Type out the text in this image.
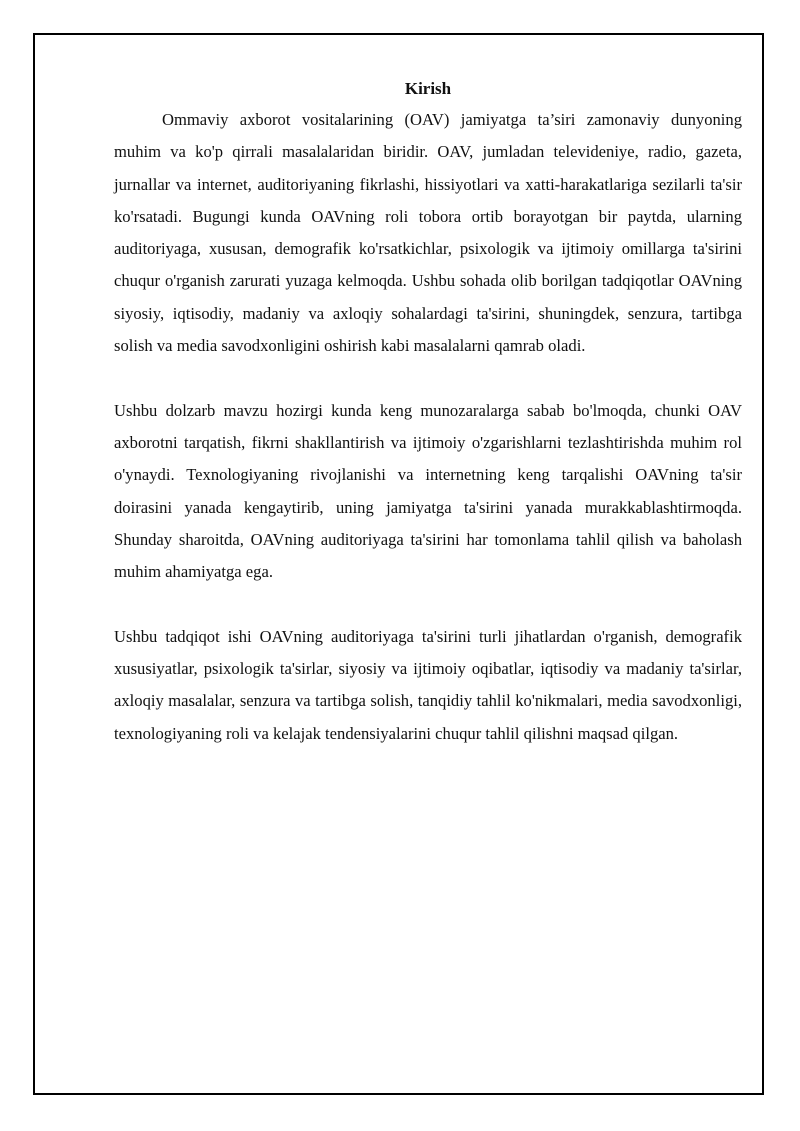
Kirish

Ommaviy axborot vositalarining (OAV) jamiyatga ta’siri zamonaviy dunyoning muhim va ko'p qirrali masalalaridan biridir. OAV, jumladan televideniye, radio, gazeta, jurnallar va internet, auditoriyaning fikrlashi, hissiyotlari va xatti-harakatlariga sezilarli ta'sir ko'rsatadi. Bugungi kunda OAVning roli tobora ortib borayotgan bir paytda, ularning auditoriyaga, xususan, demografik ko'rsatkichlar, psixologik va ijtimoiy omillarga ta'sirini chuqur o'rganish zarurati yuzaga kelmoqda. Ushbu sohada olib borilgan tadqiqotlar OAVning siyosiy, iqtisodiy, madaniy va axloqiy sohalardagi ta'sirini, shuningdek, senzura, tartibga solish va media savodxonligini oshirish kabi masalalarni qamrab oladi.

Ushbu dolzarb mavzu hozirgi kunda keng munozaralarga sabab bo'lmoqda, chunki OAV axborotni tarqatish, fikrni shakllantirish va ijtimoiy o'zgarishlarni tezlashtirishda muhim rol o'ynaydi. Texnologiyaning rivojlanishi va internetning keng tarqalishi OAVning ta'sir doirasini yanada kengaytirib, uning jamiyatga ta'sirini yanada murakkablashtirmoqda. Shunday sharoitda, OAVning auditoriyaga ta'sirini har tomonlama tahlil qilish va baholash muhim ahamiyatga ega.

Ushbu tadqiqot ishi OAVning auditoriyaga ta'sirini turli jihatlardan o'rganish, demografik xususiyatlar, psixologik ta'sirlar, siyosiy va ijtimoiy oqibatlar, iqtisodiy va madaniy ta'sirlar, axloqiy masalalar, senzura va tartibga solish, tanqidiy tahlil ko'nikmalari, media savodxonligi, texnologiyaning roli va kelajak tendensiyalarini chuqur tahlil qilishni maqsad qilgan.
